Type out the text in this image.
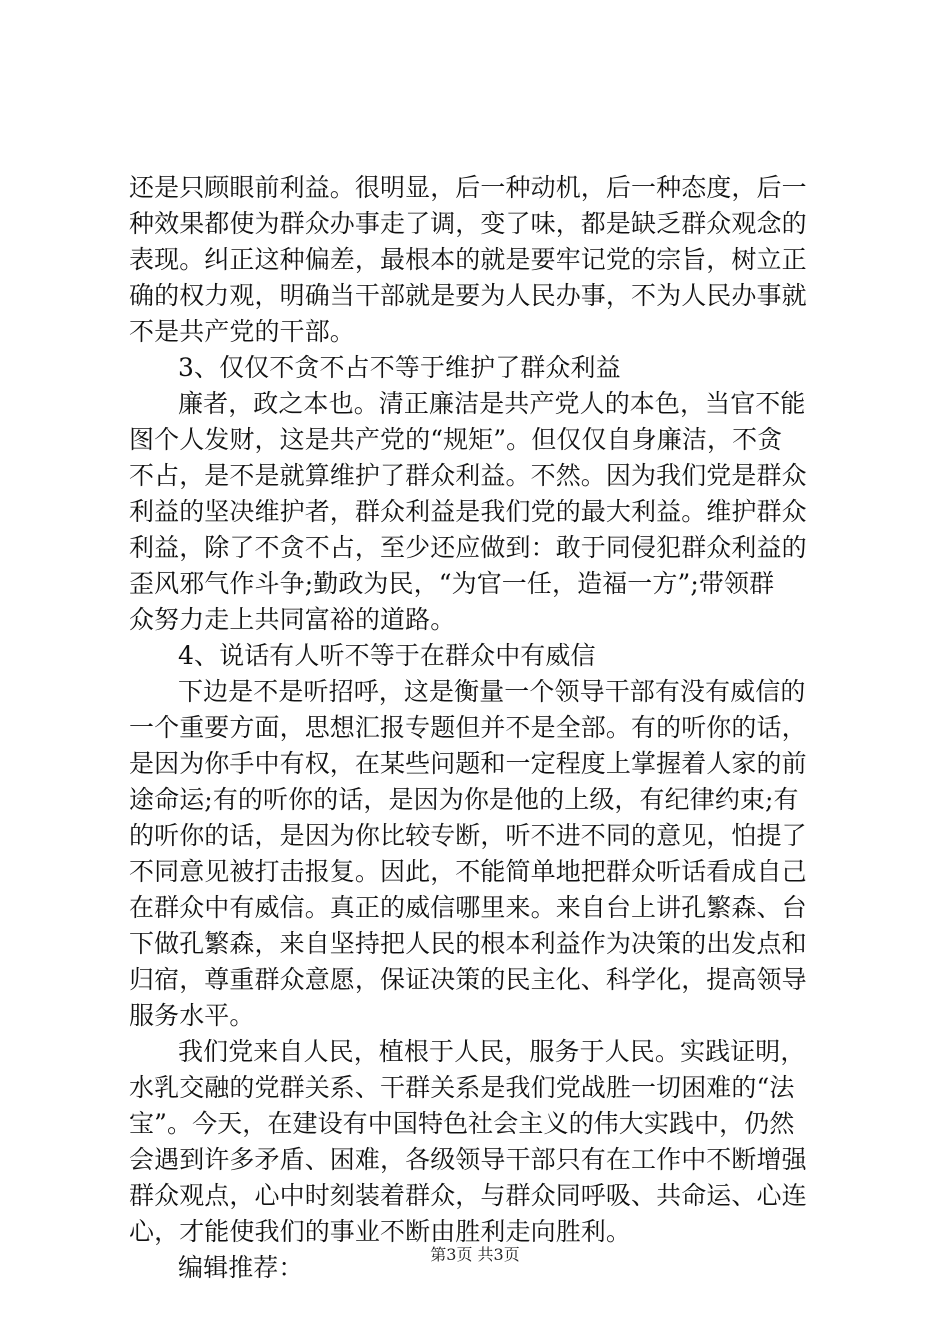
还是只顾眼前利益。很明显，后一种动机，后一种态度，后一
种效果都使为群众办事走了调，变了味，都是缺乏群众观念的
表现。纠正这种偏差，最根本的就是要牢记党的宗旨，树立正
确的权力观，明确当干部就是要为人民办事，不为人民办事就
不是共产党的干部。
3、仅仅不贪不占不等于维护了群众利益
廉者，政之本也。清正廉洁是共产党人的本色，当官不能
图个人发财，这是共产党的“规矩”。但仅仅自身廉洁，不贪
不占，是不是就算维护了群众利益。不然。因为我们党是群众
利益的坚决维护者，群众利益是我们党的最大利益。维护群众
利益，除了不贪不占，至少还应做到：敢于同侵犯群众利益的
歪风邪气作斗争;勤政为民，“为官一任，造福一方”;带领群
众努力走上共同富裕的道路。
4、说话有人听不等于在群众中有威信
下边是不是听招呼，这是衡量一个领导干部有没有威信的
一个重要方面，思想汇报专题但并不是全部。有的听你的话，
是因为你手中有权，在某些问题和一定程度上掌握着人家的前
途命运;有的听你的话，是因为你是他的上级，有纪律约束;有
的听你的话，是因为你比较专断，听不进不同的意见，怕提了
不同意见被打击报复。因此，不能简单地把群众听话看成自己
在群众中有威信。真正的威信哪里来。来自台上讲孔繁森、台
下做孔繁森，来自坚持把人民的根本利益作为决策的出发点和
归宿，尊重群众意愿，保证决策的民主化、科学化，提高领导
服务水平。
我们党来自人民，植根于人民，服务于人民。实践证明，
水乳交融的党群关系、干群关系是我们党战胜一切困难的“法
宝”。今天，在建设有中国特色社会主义的伟大实践中，仍然
会遇到许多矛盾、困难，各级领导干部只有在工作中不断增强
群众观点，心中时刻装着群众，与群众同呼吸、共命运、心连
心，才能使我们的事业不断由胜利走向胜利。
编辑推荐：	第3页 共3页
